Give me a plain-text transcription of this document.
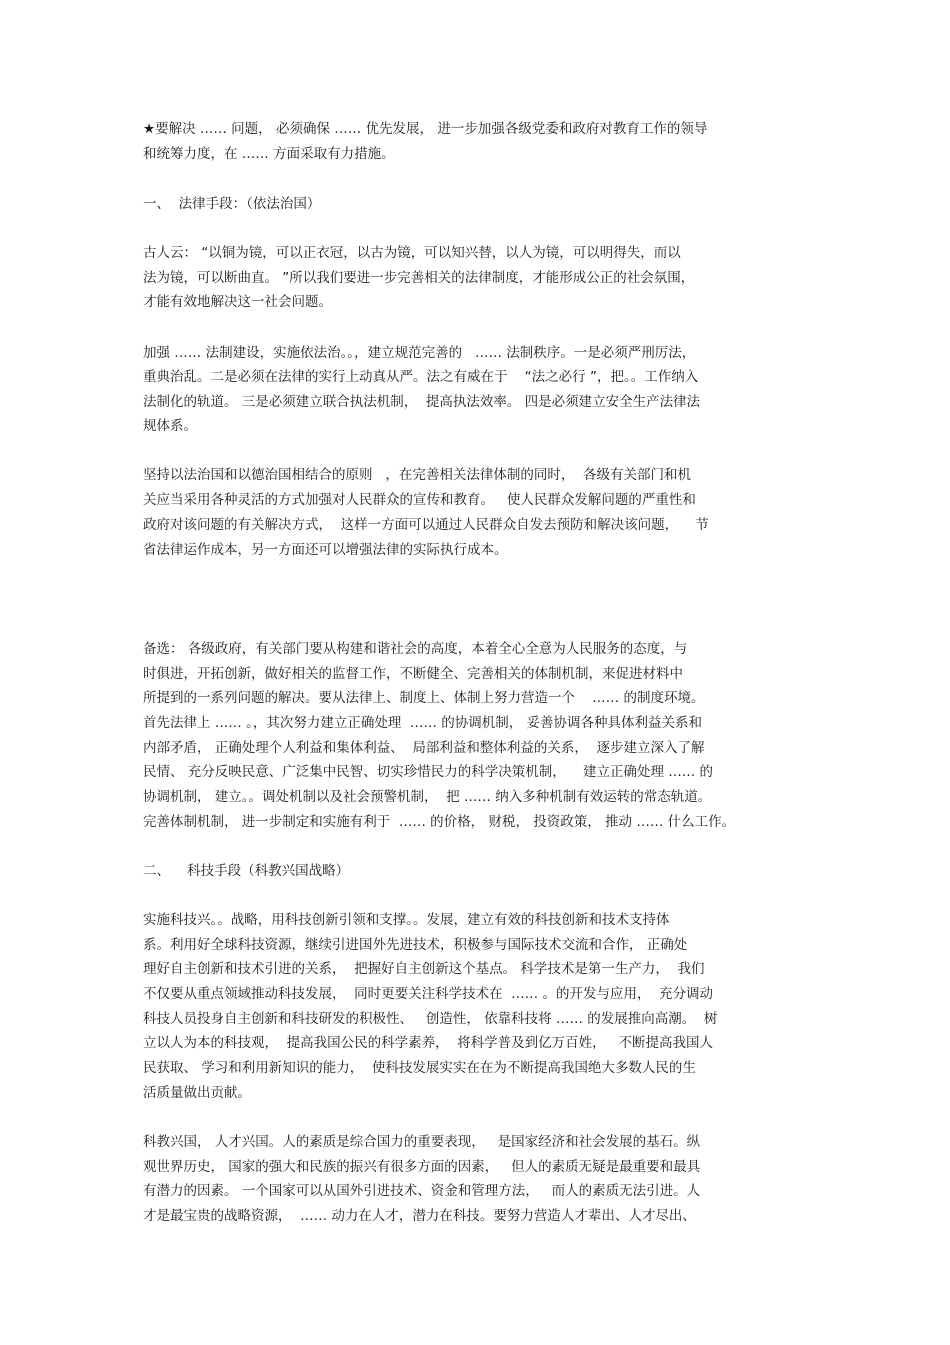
★要解决 …… 问题， 必须确保 …… 优先发展， 进一步加强各级党委和政府对教育工作的领导
和统筹力度，在 …… 方面采取有力措施。
一、  法律手段：（依法治国）
古人云： “以铜为镜，可以正衣冠，以古为镜，可以知兴替，以人为镜，可以明得失，而以
法为镜，可以断曲直。 ”所以我们要进一步完善相关的法律制度，才能形成公正的社会氛围，
才能有效地解决这一社会问题。
加强 …… 法制建设，实施依法治。。，建立规范完善的   …… 法制秩序。一是必须严刑厉法，
重典治乱。二是必须在法律的实行上动真从严。法之有威在于    “法之必行 ”，把。。工作纳入
法制化的轨道。 三是必须建立联合执法机制，  提高执法效率。 四是必须建立安全生产法律法
规体系。
坚持以法治国和以德治国相结合的原则   ，在完善相关法律体制的同时，  各级有关部门和机
关应当采用各种灵活的方式加强对人民群众的宣传和教育。   使人民群众发解问题的严重性和
政府对该问题的有关解决方式，  这样一方面可以通过人民群众自发去预防和解决该问题，    节
省法律运作成本，另一方面还可以增强法律的实际执行成本。
备选： 各级政府，有关部门要从构建和谐社会的高度，本着全心全意为人民服务的态度，与
时俱进，开拓创新，做好相关的监督工作，不断健全、完善相关的体制机制，来促进材料中
所提到的一系列问题的解决。要从法律上、制度上、体制上努力营造一个    …… 的制度环境。
首先法律上 …… 。，其次努力建立正确处理  …… 的协调机制， 妥善协调各种具体利益关系和
内部矛盾， 正确处理个人利益和集体利益、  局部利益和整体利益的关系，  逐步建立深入了解
民情、 充分反映民意、广泛集中民智、切实珍惜民力的科学决策机制，    建立正确处理 …… 的
协调机制， 建立。。调处机制以及社会预警机制，  把 …… 纳入多种机制有效运转的常态轨道。
完善体制机制， 进一步制定和实施有利于  …… 的价格， 财税， 投资政策， 推动 …… 什么工作。
二、    科技手段（科教兴国战略）
实施科技兴。。战略，用科技创新引领和支撑。。发展，建立有效的科技创新和技术支持体
系。利用好全球科技资源，继续引进国外先进技术，积极参与国际技术交流和合作， 正确处
理好自主创新和技术引进的关系，  把握好自主创新这个基点。 科学技术是第一生产力，  我们
不仅要从重点领域推动科技发展，  同时更要关注科学技术在  …… 。的开发与应用，  充分调动
科技人员投身自主创新和科技研发的积极性、   创造性， 依靠科技将 …… 的发展推向高潮。  树
立以人为本的科技观，  提高我国公民的科学素养，  将科学普及到亿万百姓，   不断提高我国人
民获取、 学习和利用新知识的能力，  使科技发展实实在在为不断提高我国绝大多数人民的生
活质量做出贡献。
科教兴国， 人才兴国。人的素质是综合国力的重要表现，   是国家经济和社会发展的基石。纵
观世界历史， 国家的强大和民族的振兴有很多方面的因素，   但人的素质无疑是最重要和最具
有潜力的因素。 一个国家可以从国外引进技术、资金和管理方法，   而人的素质无法引进。人
才是最宝贵的战略资源，  …… 动力在人才，潜力在科技。要努力营造人才辈出、人才尽出、
